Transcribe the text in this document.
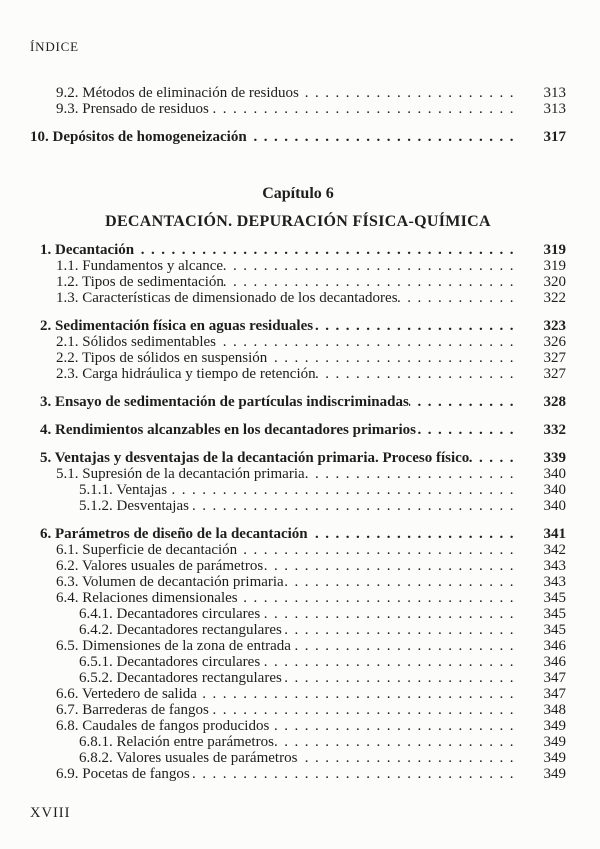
ÍNDICE
9.2. Métodos de eliminación de residuos .....	313
9.3. Prensado de residuos .....	313
10. Depósitos de homogeneización .....	317
Capítulo 6
DECANTACIÓN. DEPURACIÓN FÍSICA-QUÍMICA
1. Decantación .....	319
1.1. Fundamentos y alcance .....	319
1.2. Tipos de sedimentación .....	320
1.3. Características de dimensionado de los decantadores .....	322
2. Sedimentación física en aguas residuales .....	323
2.1. Sólidos sedimentables .....	326
2.2. Tipos de sólidos en suspensión .....	327
2.3. Carga hidráulica y tiempo de retención .....	327
3. Ensayo de sedimentación de partículas indiscriminadas .....	328
4. Rendimientos alcanzables en los decantadores primarios .....	332
5. Ventajas y desventajas de la decantación primaria. Proceso físico .....	339
5.1. Supresión de la decantación primaria .....	340
5.1.1. Ventajas .....	340
5.1.2. Desventajas .....	340
6. Parámetros de diseño de la decantación .....	341
6.1. Superficie de decantación .....	342
6.2. Valores usuales de parámetros .....	343
6.3. Volumen de decantación primaria .....	343
6.4. Relaciones dimensionales .....	345
6.4.1. Decantadores circulares .....	345
6.4.2. Decantadores rectangulares .....	345
6.5. Dimensiones de la zona de entrada .....	346
6.5.1. Decantadores circulares .....	346
6.5.2. Decantadores rectangulares .....	347
6.6. Vertedero de salida .....	347
6.7. Barrederas de fangos .....	348
6.8. Caudales de fangos producidos .....	349
6.8.1. Relación entre parámetros .....	349
6.8.2. Valores usuales de parámetros .....	349
6.9. Pocetas de fangos .....	349
XVIII
